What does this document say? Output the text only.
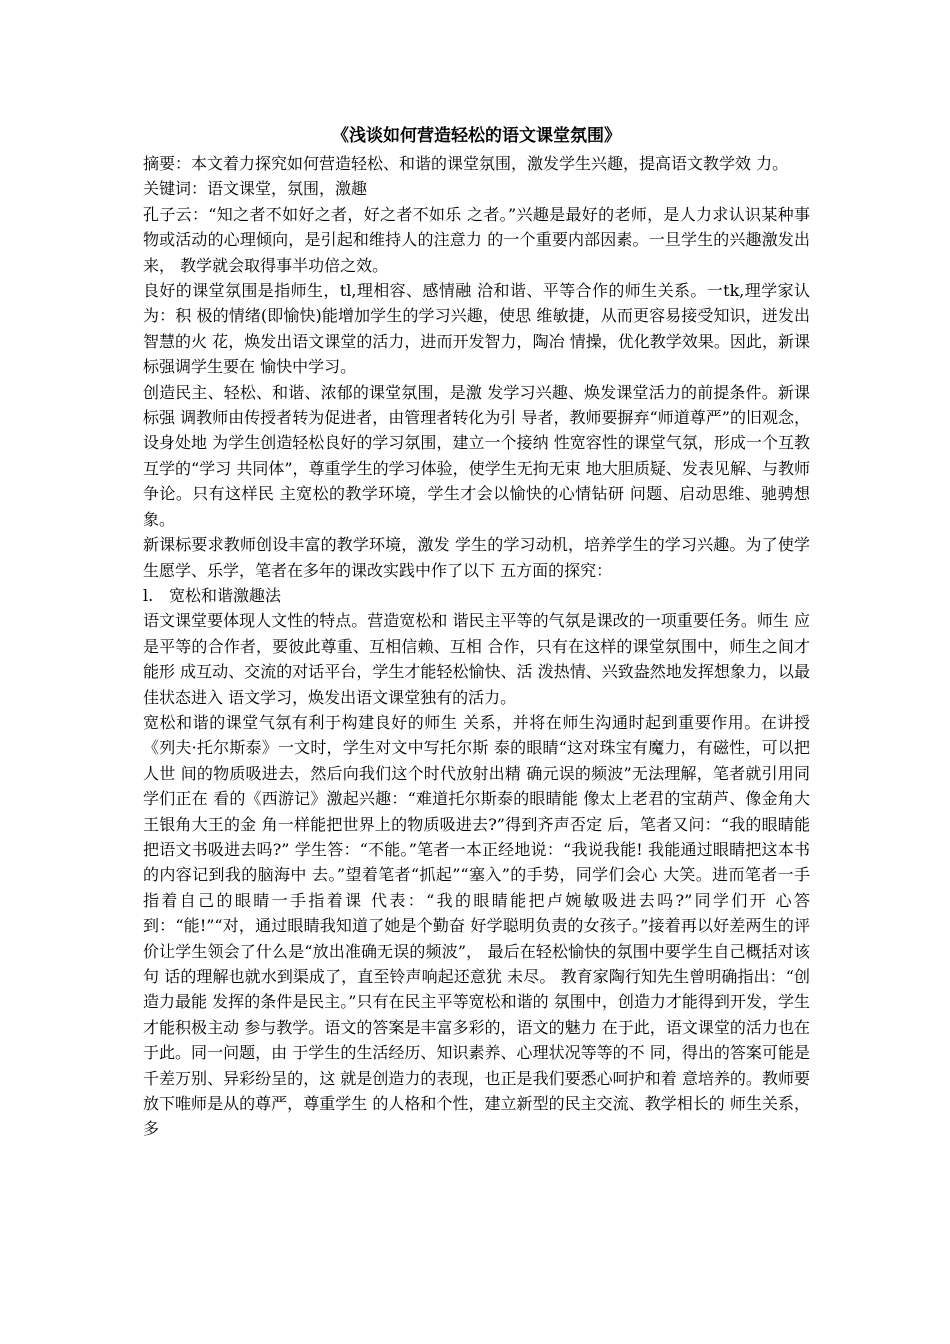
《浅谈如何营造轻松的语文课堂氛围》

摘要：本文着力探究如何营造轻松、和谐的课堂氛围，激发学生兴趣，提高语文教学效 力。

关键词：语文课堂，氛围，激趣

孔子云：“知之者不如好之者，好之者不如乐 之者。”兴趣是最好的老师，是人力求认识某种事 物或活动的心理倾向，是引起和维持人的注意力 的一个重要内部因素。一旦学生的兴趣激发出来， 教学就会取得事半功倍之效。

良好的课堂氛围是指师生，tl,理相容、感情融 洽和谐、平等合作的师生关系。一tk,理学家认为：积 极的情绪(即愉快)能增加学生的学习兴趣，使思 维敏捷，从而更容易接受知识，迸发出智慧的火 花，焕发出语文课堂的活力，进而开发智力，陶冶 情操，优化教学效果。因此，新课标强调学生要在 愉快中学习。

创造民主、轻松、和谐、浓郁的课堂氛围，是激 发学习兴趣、焕发课堂活力的前提条件。新课标强 调教师由传授者转为促进者，由管理者转化为引 导者，教师要摒弃“师道尊严”的旧观念，设身处地 为学生创造轻松良好的学习氛围，建立一个接纳 性宽容性的课堂气氛，形成一个互教互学的“学习 共同体”，尊重学生的学习体验，使学生无拘无束 地大胆质疑、发表见解、与教师争论。只有这样民 主宽松的教学环境，学生才会以愉快的心情钻研 问题、启动思维、驰骋想象。

新课标要求教师创设丰富的教学环境，激发 学生的学习动机，培养学生的学习兴趣。为了使学 生愿学、乐学，笔者在多年的课改实践中作了以下 五方面的探究：

l. 宽松和谐激趣法

语文课堂要体现人文性的特点。营造宽松和 谐民主平等的气氛是课改的一项重要任务。师生 应是平等的合作者，要彼此尊重、互相信赖、互相 合作，只有在这样的课堂氛围中，师生之间才能形 成互动、交流的对话平台，学生才能轻松愉快、活 泼热情、兴致盎然地发挥想象力，以最佳状态进入 语文学习，焕发出语文课堂独有的活力。

宽松和谐的课堂气氛有利于构建良好的师生 关系，并将在师生沟通时起到重要作用。在讲授《列夫·托尔斯泰》一文时，学生对文中写托尔斯 泰的眼睛“这对珠宝有魔力，有磁性，可以把人世 间的物质吸进去，然后向我们这个时代放射出精 确元误的频波”无法理解，笔者就引用同学们正在 看的《西游记》激起兴趣：“难道托尔斯泰的眼睛能 像太上老君的宝葫芦、像金角大王银角大王的金 角一样能把世界上的物质吸进去?”得到齐声否定 后，笔者又问：“我的眼睛能把语文书吸进去吗?” 学生答：“不能。”笔者一本正经地说：“我说我能! 我能通过眼睛把这本书的内容记到我的脑海中 去。”望着笔者“抓起”“塞入”的手势，同学们会心 大笑。进而笔者一手指着自己的眼睛一手指着课 代表：“我的眼睛能把卢婉敏吸进去吗?”同学们开 心答到：“能!”“对，通过眼睛我知道了她是个勤奋 好学聪明负责的女孩子。”接着再以好差两生的评 价让学生领会了什么是“放出准确无误的频波”， 最后在轻松愉快的氛围中要学生自己概括对该句 话的理解也就水到渠成了，直至铃声响起还意犹 未尽。 教育家陶行知先生曾明确指出：“创造力最能 发挥的条件是民主。”只有在民主平等宽松和谐的 氛围中，创造力才能得到开发，学生才能积极主动 参与教学。语文的答案是丰富多彩的，语文的魅力 在于此，语文课堂的活力也在于此。同一问题，由 于学生的生活经历、知识素养、心理状况等等的不 同，得出的答案可能是千差万别、异彩纷呈的，这 就是创造力的表现，也正是我们要悉心呵护和着 意培养的。教师要放下唯师是从的尊严，尊重学生 的人格和个性，建立新型的民主交流、教学相长的 师生关系，多
